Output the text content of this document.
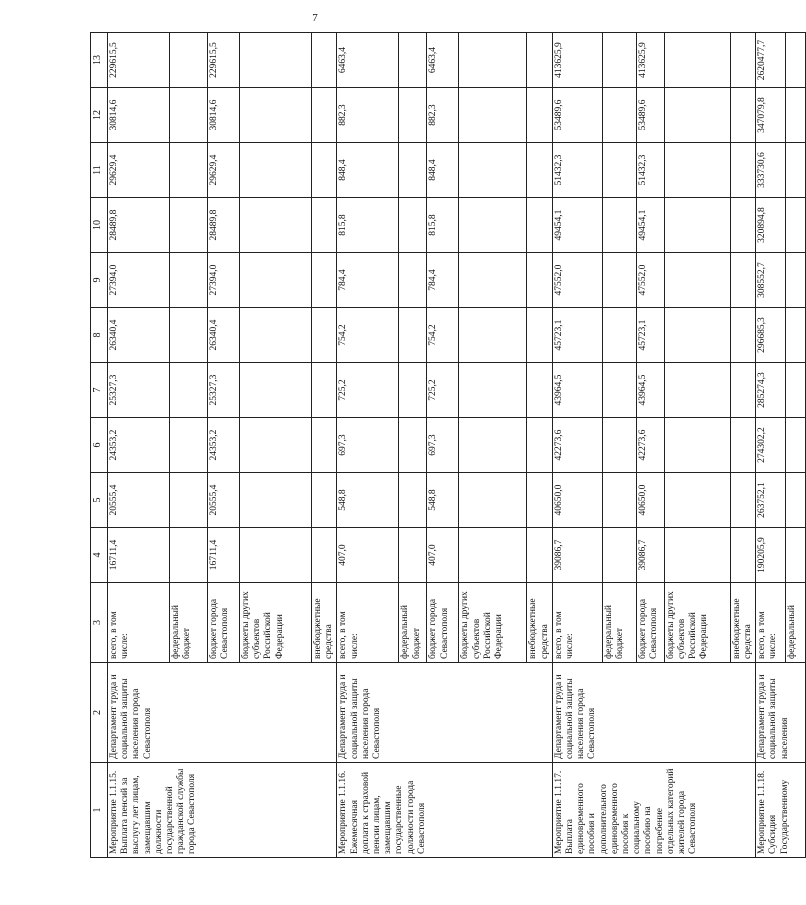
7
1	2	3	4	5	6	7	8	9	10	11	12	13
Мероприятие 1.1.15. Выплата пенсий за выслугу лет лицам, замещавшим должности государственной гражданской службы города Севастополя	Департамент труда и социальной защиты населения города Севастополя	всего, в том числе:	16711,4	20555,4	24353,2	25327,3	26340,4	27394,0	28489,8	29629,4	30814,6	229615,5
		федеральный бюджет										
		бюджет города Севастополя	16711,4	20555,4	24353,2	25327,3	26340,4	27394,0	28489,8	29629,4	30814,6	229615,5
		бюджеты других субъектов Российской Федерации										
		внебюджетные средства										
Мероприятие 1.1.16. Ежемесячная доплата к страховой пенсии лицам, замещавшим государственные должности города Севастополя	Департамент труда и социальной защиты населения города Севастополя	всего, в том числе:	407,0	548,8	697,3	725,2	754,2	784,4	815,8	848,4	882,3	6463,4
		федеральный бюджет										
		бюджет города Севастополя	407,0	548,8	697,3	725,2	754,2	784,4	815,8	848,4	882,3	6463,4
		бюджеты других субъектов Российской Федерации										
		внебюджетные средства										
Мероприятие 1.1.17. Выплата единовременного пособия и дополнительного единовременного пособия к социальному пособию на погребение отдельных категорий жителей города Севастополя	Департамент труда и социальной защиты населения города Севастополя	всего, в том числе:	39086,7	40650,0	42273,6	43964,5	45723,1	47552,0	49454,1	51432,3	53489,6	413625,9
		федеральный бюджет										
		бюджет города Севастополя	39086,7	40650,0	42273,6	43964,5	45723,1	47552,0	49454,1	51432,3	53489,6	413625,9
		бюджеты других субъектов Российской Федерации										
		внебюджетные средства										
Мероприятие 1.1.18. Субсидия Государственному	Департамент труда и социальной защиты населения	всего, в том числе:	190205,9	263752,1	274302,2	285274,3	296685,3	308552,7	320894,8	333730,6	347079,8	2620477,7
		федеральный										
